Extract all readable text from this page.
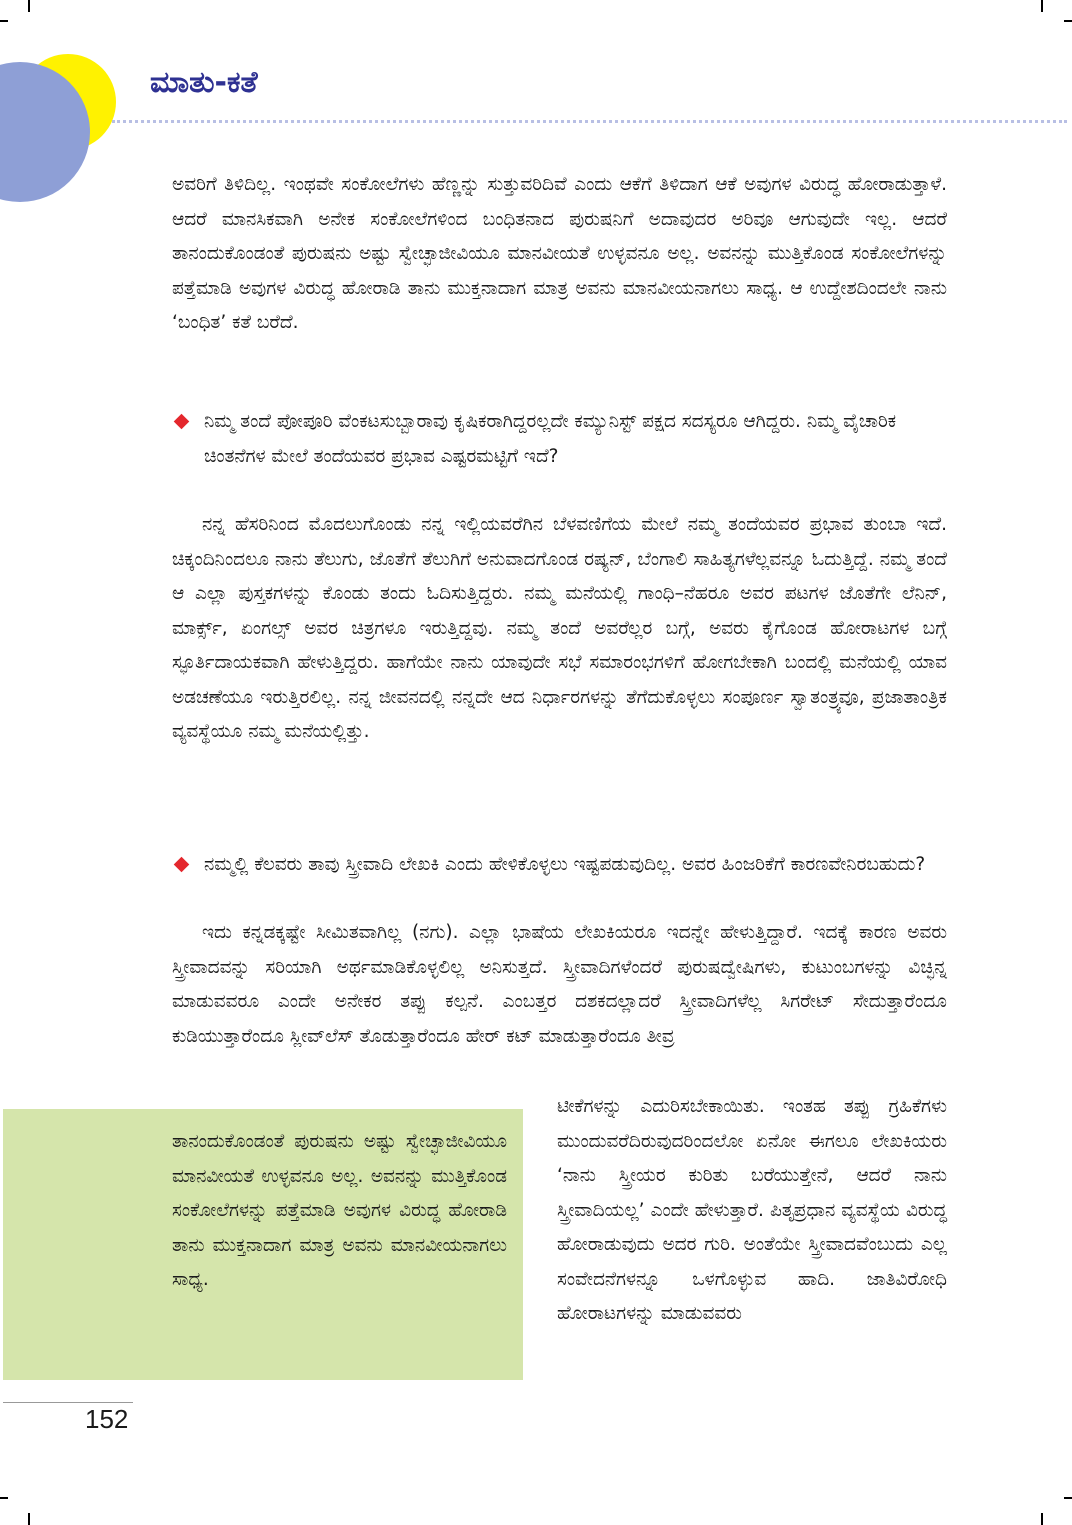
ಮಾತು-ಕತೆ

ಅವರಿಗೆ ತಿಳಿದಿಲ್ಲ. ಇಂಥವೇ ಸಂಕೋಲೆಗಳು ಹೆಣ್ಣನ್ನು ಸುತ್ತುವರಿದಿವೆ ಎಂದು ಆಕೆಗೆ ತಿಳಿದಾಗ ಆಕೆ ಅವುಗಳ ವಿರುದ್ಧ ಹೋರಾಡುತ್ತಾಳೆ. ಆದರೆ ಮಾನಸಿಕವಾಗಿ ಅನೇಕ ಸಂಕೋಲೆಗಳಿಂದ ಬಂಧಿತನಾದ ಪುರುಷನಿಗೆ ಅದಾವುದರ ಅರಿವೂ ಆಗುವುದೇ ಇಲ್ಲ. ಆದರೆ ತಾನಂದುಕೊಂಡಂತೆ ಪುರುಷನು ಅಷ್ಟು ಸ್ವೇಚ್ಛಾಜೀವಿಯೂ ಮಾನವೀಯತೆ ಉಳ್ಳವನೂ ಅಲ್ಲ. ಅವನನ್ನು ಮುತ್ತಿಕೊಂಡ ಸಂಕೋಲೆಗಳನ್ನು ಪತ್ತೆಮಾಡಿ ಅವುಗಳ ವಿರುದ್ಧ ಹೋರಾಡಿ ತಾನು ಮುಕ್ತನಾದಾಗ ಮಾತ್ರ ಅವನು ಮಾನವೀಯನಾಗಲು ಸಾಧ್ಯ. ಆ ಉದ್ದೇಶದಿಂದಲೇ ನಾನು ‘ಬಂಧಿತ’ ಕತೆ ಬರೆದೆ.

ನಿಮ್ಮ ತಂದೆ ಪೋಪೂರಿ ವೆಂಕಟಸುಬ್ಬಾರಾವು ಕೃಷಿಕರಾಗಿದ್ದರಲ್ಲದೇ ಕಮ್ಯುನಿಸ್ಟ್ ಪಕ್ಷದ ಸದಸ್ಯರೂ ಆಗಿದ್ದರು. ನಿಮ್ಮ ವೈಚಾರಿಕ ಚಿಂತನೆಗಳ ಮೇಲೆ ತಂದೆಯವರ ಪ್ರಭಾವ ಎಷ್ಟರಮಟ್ಟಿಗೆ ಇದೆ?

ನನ್ನ ಹೆಸರಿನಿಂದ ಮೊದಲುಗೊಂಡು ನನ್ನ ಇಲ್ಲಿಯವರೆಗಿನ ಬೆಳವಣಿಗೆಯ ಮೇಲೆ ನಮ್ಮ ತಂದೆಯವರ ಪ್ರಭಾವ ತುಂಬಾ ಇದೆ. ಚಿಕ್ಕಂದಿನಿಂದಲೂ ನಾನು ತೆಲುಗು, ಜೊತೆಗೆ ತೆಲುಗಿಗೆ ಅನುವಾದಗೊಂಡ ರಷ್ಯನ್, ಬೆಂಗಾಲಿ ಸಾಹಿತ್ಯಗಳೆಲ್ಲವನ್ನೂ ಓದುತ್ತಿದ್ದೆ. ನಮ್ಮ ತಂದೆ ಆ ಎಲ್ಲಾ ಪುಸ್ತಕಗಳನ್ನು ಕೊಂಡು ತಂದು ಓದಿಸುತ್ತಿದ್ದರು. ನಮ್ಮ ಮನೆಯಲ್ಲಿ ಗಾಂಧಿ–ನೆಹರೂ ಅವರ ಪಟಗಳ ಜೊತೆಗೇ ಲೆನಿನ್, ಮಾರ್ಕ್ಸ್, ಏಂಗಲ್ಸ್ ಅವರ ಚಿತ್ರಗಳೂ ಇರುತ್ತಿದ್ದವು. ನಮ್ಮ ತಂದೆ ಅವರೆಲ್ಲರ ಬಗ್ಗೆ, ಅವರು ಕೈಗೊಂಡ ಹೋರಾಟಗಳ ಬಗ್ಗೆ ಸ್ಫೂರ್ತಿದಾಯಕವಾಗಿ ಹೇಳುತ್ತಿದ್ದರು. ಹಾಗೆಯೇ ನಾನು ಯಾವುದೇ ಸಭೆ ಸಮಾರಂಭಗಳಿಗೆ ಹೋಗಬೇಕಾಗಿ ಬಂದಲ್ಲಿ ಮನೆಯಲ್ಲಿ ಯಾವ ಅಡಚಣೆಯೂ ಇರುತ್ತಿರಲಿಲ್ಲ. ನನ್ನ ಜೀವನದಲ್ಲಿ ನನ್ನದೇ ಆದ ನಿರ್ಧಾರಗಳನ್ನು ತೆಗೆದುಕೊಳ್ಳಲು ಸಂಪೂರ್ಣ ಸ್ವಾತಂತ್ರ್ಯವೂ, ಪ್ರಜಾತಾಂತ್ರಿಕ ವ್ಯವಸ್ಥೆಯೂ ನಮ್ಮ ಮನೆಯಲ್ಲಿತ್ತು.

ನಮ್ಮಲ್ಲಿ ಕೆಲವರು ತಾವು ಸ್ತ್ರೀವಾದಿ ಲೇಖಕಿ ಎಂದು ಹೇಳಿಕೊಳ್ಳಲು ಇಷ್ಟಪಡುವುದಿಲ್ಲ. ಅವರ ಹಿಂಜರಿಕೆಗೆ ಕಾರಣವೇನಿರಬಹುದು?

ಇದು ಕನ್ನಡಕ್ಕಷ್ಟೇ ಸೀಮಿತವಾಗಿಲ್ಲ (ನಗು). ಎಲ್ಲಾ ಭಾಷೆಯ ಲೇಖಕಿಯರೂ ಇದನ್ನೇ ಹೇಳುತ್ತಿದ್ದಾರೆ. ಇದಕ್ಕೆ ಕಾರಣ ಅವರು ಸ್ತ್ರೀವಾದವನ್ನು ಸರಿಯಾಗಿ ಅರ್ಥಮಾಡಿಕೊಳ್ಳಲಿಲ್ಲ ಅನಿಸುತ್ತದೆ. ಸ್ತ್ರೀವಾದಿಗಳೆಂದರೆ ಪುರುಷದ್ವೇಷಿಗಳು, ಕುಟುಂಬಗಳನ್ನು ವಿಚ್ಛಿನ್ನ ಮಾಡುವವರೂ ಎಂದೇ ಅನೇಕರ ತಪ್ಪು ಕಲ್ಪನೆ. ಎಂಬತ್ತರ ದಶಕದಲ್ಲಾದರೆ ಸ್ತ್ರೀವಾದಿಗಳೆಲ್ಲ ಸಿಗರೇಟ್ ಸೇದುತ್ತಾರೆಂದೂ ಕುಡಿಯುತ್ತಾರೆಂದೂ ಸ್ಲೀವ್‌ಲೆಸ್ ತೊಡುತ್ತಾರೆಂದೂ ಹೇರ್ ಕಟ್ ಮಾಡುತ್ತಾರೆಂದೂ ತೀವ್ರ

ತಾನಂದುಕೊಂಡಂತೆ ಪುರುಷನು ಅಷ್ಟು ಸ್ವೇಚ್ಛಾಜೀವಿಯೂ ಮಾನವೀಯತೆ ಉಳ್ಳವನೂ ಅಲ್ಲ. ಅವನನ್ನು ಮುತ್ತಿಕೊಂಡ ಸಂಕೋಲೆಗಳನ್ನು ಪತ್ತೆಮಾಡಿ ಅವುಗಳ ವಿರುದ್ಧ ಹೋರಾಡಿ ತಾನು ಮುಕ್ತನಾದಾಗ ಮಾತ್ರ ಅವನು ಮಾನವೀಯನಾಗಲು ಸಾಧ್ಯ.

ಟೀಕೆಗಳನ್ನು ಎದುರಿಸಬೇಕಾಯಿತು. ಇಂತಹ ತಪ್ಪು ಗ್ರಹಿಕೆಗಳು ಮುಂದುವರೆದಿರುವುದರಿಂದಲೋ ಏನೋ ಈಗಲೂ ಲೇಖಕಿಯರು ‘ನಾನು ಸ್ತ್ರೀಯರ ಕುರಿತು ಬರೆಯುತ್ತೇನೆ, ಆದರೆ ನಾನು ಸ್ತ್ರೀವಾದಿಯಲ್ಲ’ ಎಂದೇ ಹೇಳುತ್ತಾರೆ. ಪಿತೃಪ್ರಧಾನ ವ್ಯವಸ್ಥೆಯ ವಿರುದ್ಧ ಹೋರಾಡುವುದು ಅದರ ಗುರಿ. ಅಂತೆಯೇ ಸ್ತ್ರೀವಾದವೆಂಬುದು ಎಲ್ಲ ಸಂವೇದನೆಗಳನ್ನೂ ಒಳಗೊಳ್ಳುವ ಹಾದಿ. ಜಾತಿವಿರೋಧಿ ಹೋರಾಟಗಳನ್ನು ಮಾಡುವವರು

152
